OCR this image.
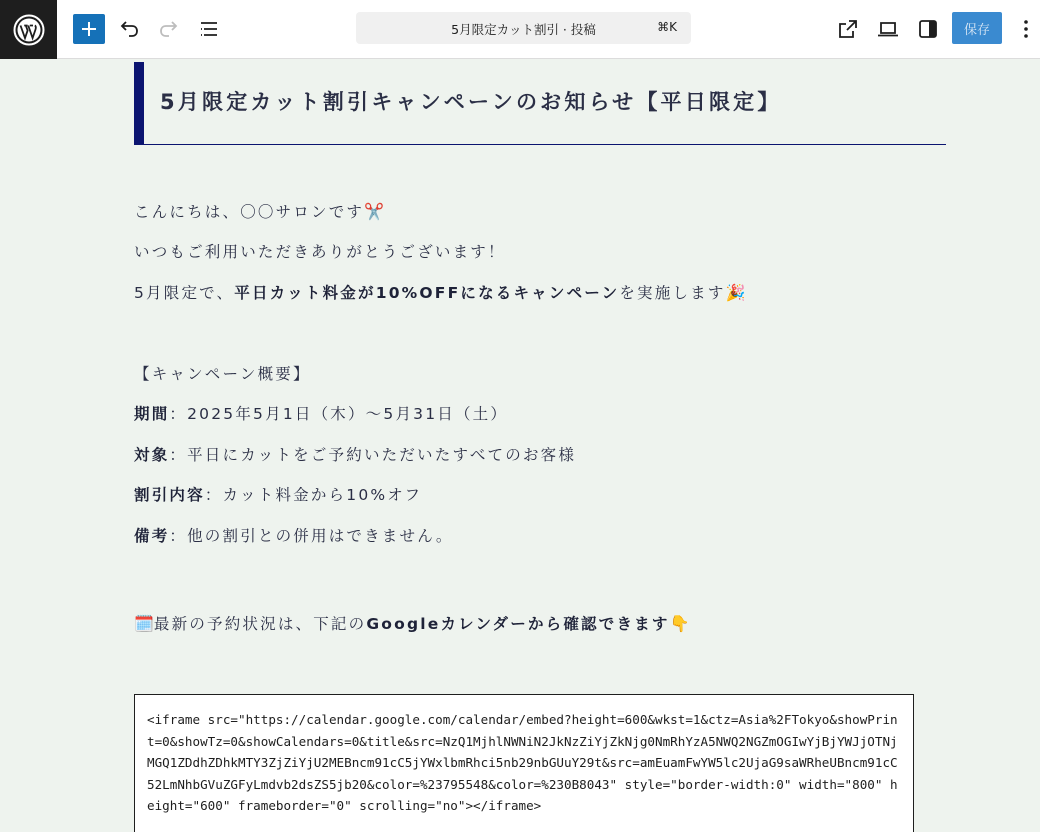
5月限定カット割引 · 投稿	⌘K	保存
5月限定カット割引キャンペーンのお知らせ【平日限定】

こんにちは、〇〇サロンです✂️

いつもご利用いただきありがとうございます！

5月限定で、平日カット料金が10%OFFになるキャンペーンを実施します🎉

【キャンペーン概要】

期間：2025年5月1日（木）〜5月31日（土）

対象：平日にカットをご予約いただいたすべてのお客様

割引内容：カット料金から10%オフ

備考：他の割引との併用はできません。

🗓️最新の予約状況は、下記のGoogleカレンダーから確認できます👇

<iframe src="https://calendar.google.com/calendar/embed?height=600&wkst=1&ctz=Asia%2FTokyo&showPrint=0&showTz=0&showCalendars=0&title&src=NzQ1MjhlNWNiN2JkNzZiYjZkNjg0NmRhYzA5NWQ2NGZmOGIwYjBjYWJjOTNjMGQ1ZDdhZDhkMTY3ZjZiYjU2MEBncm91cC5jYWxlbmRhci5nb29nbGUuY29t&src=amEuamFwYW5lc2UjaG9saWRheUBncm91cC52LmNhbGVuZGFyLmdvb2dsZS5jb20&color=%23795548&color=%230B8043" style="border-width:0" width="800" height="600" frameborder="0" scrolling="no"></iframe>
